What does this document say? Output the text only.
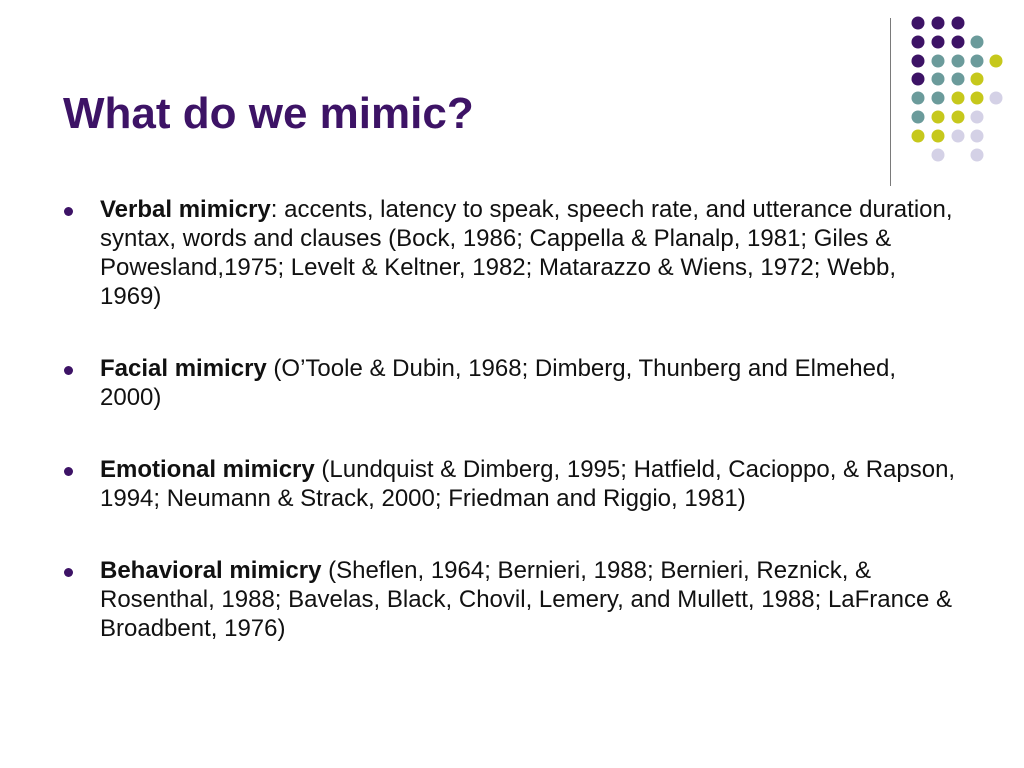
What do we mimic?
Verbal mimicry: accents, latency to speak, speech rate, and utterance duration, syntax, words and clauses (Bock, 1986; Cappella & Planalp, 1981; Giles & Powesland,1975; Levelt & Keltner, 1982; Matarazzo & Wiens, 1972; Webb, 1969)
Facial mimicry (O’Toole & Dubin, 1968; Dimberg, Thunberg and Elmehed, 2000)
Emotional mimicry (Lundquist & Dimberg, 1995; Hatfield, Cacioppo, & Rapson, 1994; Neumann & Strack, 2000; Friedman and Riggio, 1981)
Behavioral mimicry (Sheflen, 1964; Bernieri, 1988; Bernieri, Reznick, & Rosenthal, 1988; Bavelas, Black, Chovil, Lemery, and Mullett, 1988; LaFrance & Broadbent, 1976)
